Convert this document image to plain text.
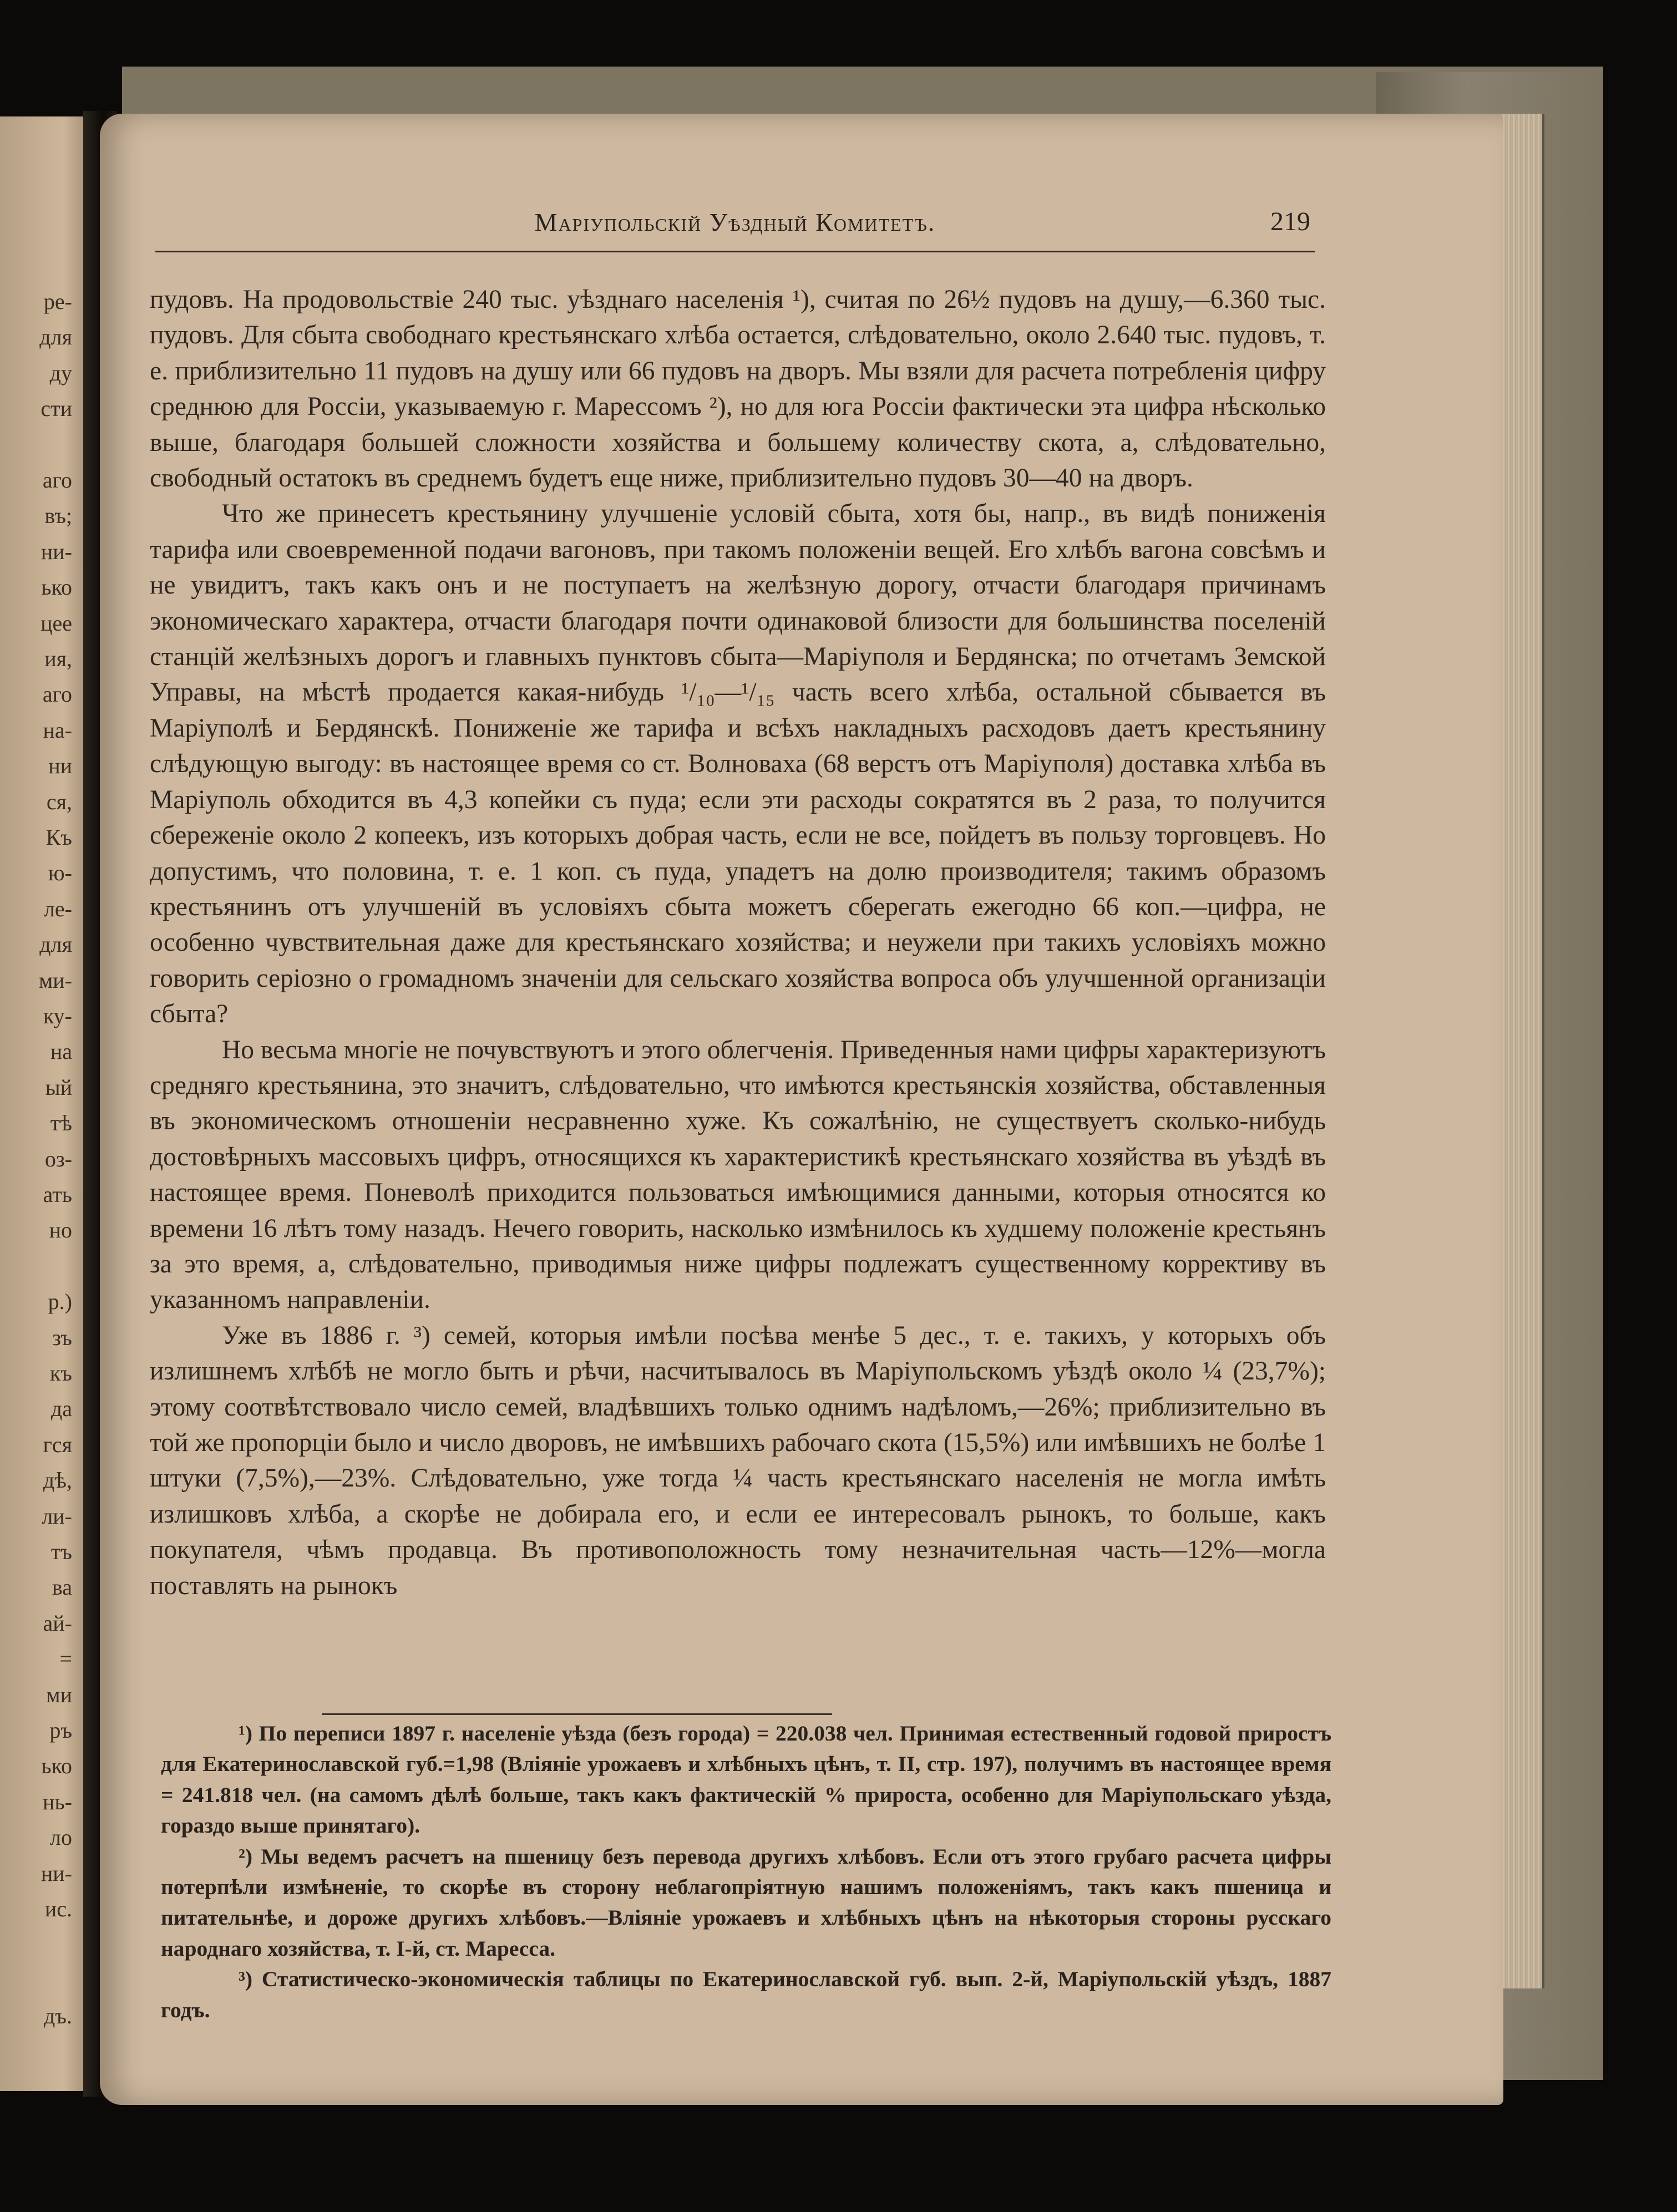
ре-
для
ду
сти
аго
въ;
ни-
ько
цее
ия,
аго
на-
ни
ся,
Къ
ю-
ле-
для
ми-
ку-
на
ый
тѣ
оз-
ать
но
р.)
зъ
къ
да
гся
дѣ,
ли-
тъ
ва
ай-
=
ми
ръ
ько
нь-
ло
ни-
ис.
дъ.
Маріупольскій Уѣздный Комитетъ.	219

пудовъ. На продовольствіе 240 тыс. уѣзднаго населенія ¹), считая по 26½ пудовъ на душу,—6.360 тыс. пудовъ. Для сбыта свободнаго крестьянскаго хлѣба остается, слѣдовательно, около 2.640 тыс. пудовъ, т. е. приблизительно 11 пудовъ на душу или 66 пудовъ на дворъ. Мы взяли для расчета потребленія цифру среднюю для Россіи, указываемую г. Марессомъ ²), но для юга Россіи фактически эта цифра нѣсколько выше, благодаря большей сложности хозяйства и большему количеству скота, а, слѣдовательно, свободный остатокъ въ среднемъ будетъ еще ниже, приблизительно пудовъ 30—40 на дворъ.

Что же принесетъ крестьянину улучшеніе условій сбыта, хотя бы, напр., въ видѣ пониженія тарифа или своевременной подачи вагоновъ, при такомъ положеніи вещей. Его хлѣбъ вагона совсѣмъ и не увидитъ, такъ какъ онъ и не поступаетъ на желѣзную дорогу, отчасти благодаря причинамъ экономическаго характера, отчасти благодаря почти одинаковой близости для большинства поселеній станцій желѣзныхъ дорогъ и главныхъ пунктовъ сбыта—Маріуполя и Бердянска; по отчетамъ Земской Управы, на мѣстѣ продается какая-нибудь ¹/₁₀—¹/₁₅ часть всего хлѣба, остальной сбывается въ Маріуполѣ и Бердянскѣ. Пониженіе же тарифа и всѣхъ накладныхъ расходовъ даетъ крестьянину слѣдующую выгоду: въ настоящее время со ст. Волноваха (68 верстъ отъ Маріуполя) доставка хлѣба въ Маріуполь обходится въ 4,3 копейки съ пуда; если эти расходы сократятся въ 2 раза, то получится сбереженіе около 2 копеекъ, изъ которыхъ добрая часть, если не все, пойдетъ въ пользу торговцевъ. Но допустимъ, что половина, т. е. 1 коп. съ пуда, упадетъ на долю производителя; такимъ образомъ крестьянинъ отъ улучшеній въ условіяхъ сбыта можетъ сберегать ежегодно 66 коп.—цифра, не особенно чувствительная даже для крестьянскаго хозяйства; и неужели при такихъ условіяхъ можно говорить серіозно о громадномъ значеніи для сельскаго хозяйства вопроса объ улучшенной организаціи сбыта?

Но весьма многіе не почувствуютъ и этого облегченія. Приведенныя нами цифры характеризуютъ средняго крестьянина, это значитъ, слѣдовательно, что имѣются крестьянскія хозяйства, обставленныя въ экономическомъ отношеніи несравненно хуже. Къ сожалѣнію, не существуетъ сколько-нибудь достовѣрныхъ массовыхъ цифръ, относящихся къ характеристикѣ крестьянскаго хозяйства въ уѣздѣ въ настоящее время. Поневолѣ приходится пользоваться имѣющимися данными, которыя относятся ко времени 16 лѣтъ тому назадъ. Нечего говорить, насколько измѣнилось къ худшему положеніе крестьянъ за это время, а, слѣдовательно, приводимыя ниже цифры подлежатъ существенному коррективу въ указанномъ направленіи.

Уже въ 1886 г. ³) семей, которыя имѣли посѣва менѣе 5 дес., т. е. такихъ, у которыхъ объ излишнемъ хлѣбѣ не могло быть и рѣчи, насчитывалось въ Маріупольскомъ уѣздѣ около ¼ (23,7%); этому соотвѣтствовало число семей, владѣвшихъ только однимъ надѣломъ,—26%; приблизительно въ той же пропорціи было и число дворовъ, не имѣвшихъ рабочаго скота (15,5%) или имѣвшихъ не болѣе 1 штуки (7,5%),—23%. Слѣдовательно, уже тогда ¼ часть крестьянскаго населенія не могла имѣть излишковъ хлѣба, а скорѣе не добирала его, и если ее интересовалъ рынокъ, то больше, какъ покупателя, чѣмъ продавца. Въ противоположность тому незначительная часть—12%—могла поставлять на рынокъ

¹) По переписи 1897 г. населеніе уѣзда (безъ города) = 220.038 чел. Принимая естественный годовой приростъ для Екатеринославской губ.=1,98 (Вліяніе урожаевъ и хлѣбныхъ цѣнъ, т. II, стр. 197), получимъ въ настоящее время = 241.818 чел. (на самомъ дѣлѣ больше, такъ какъ фактическій % прироста, особенно для Маріупольскаго уѣзда, гораздо выше принятаго).

²) Мы ведемъ расчетъ на пшеницу безъ перевода другихъ хлѣбовъ. Если отъ этого грубаго расчета цифры потерпѣли измѣненіе, то скорѣе въ сторону неблагопріятную нашимъ положеніямъ, такъ какъ пшеница и питательнѣе, и дороже другихъ хлѣбовъ.—Вліяніе урожаевъ и хлѣбныхъ цѣнъ на нѣкоторыя стороны русскаго народнаго хозяйства, т. І-й, ст. Маресса.

³) Статистическо-экономическія таблицы по Екатеринославской губ. вып. 2-й, Маріупольскій уѣздъ, 1887 годъ.
